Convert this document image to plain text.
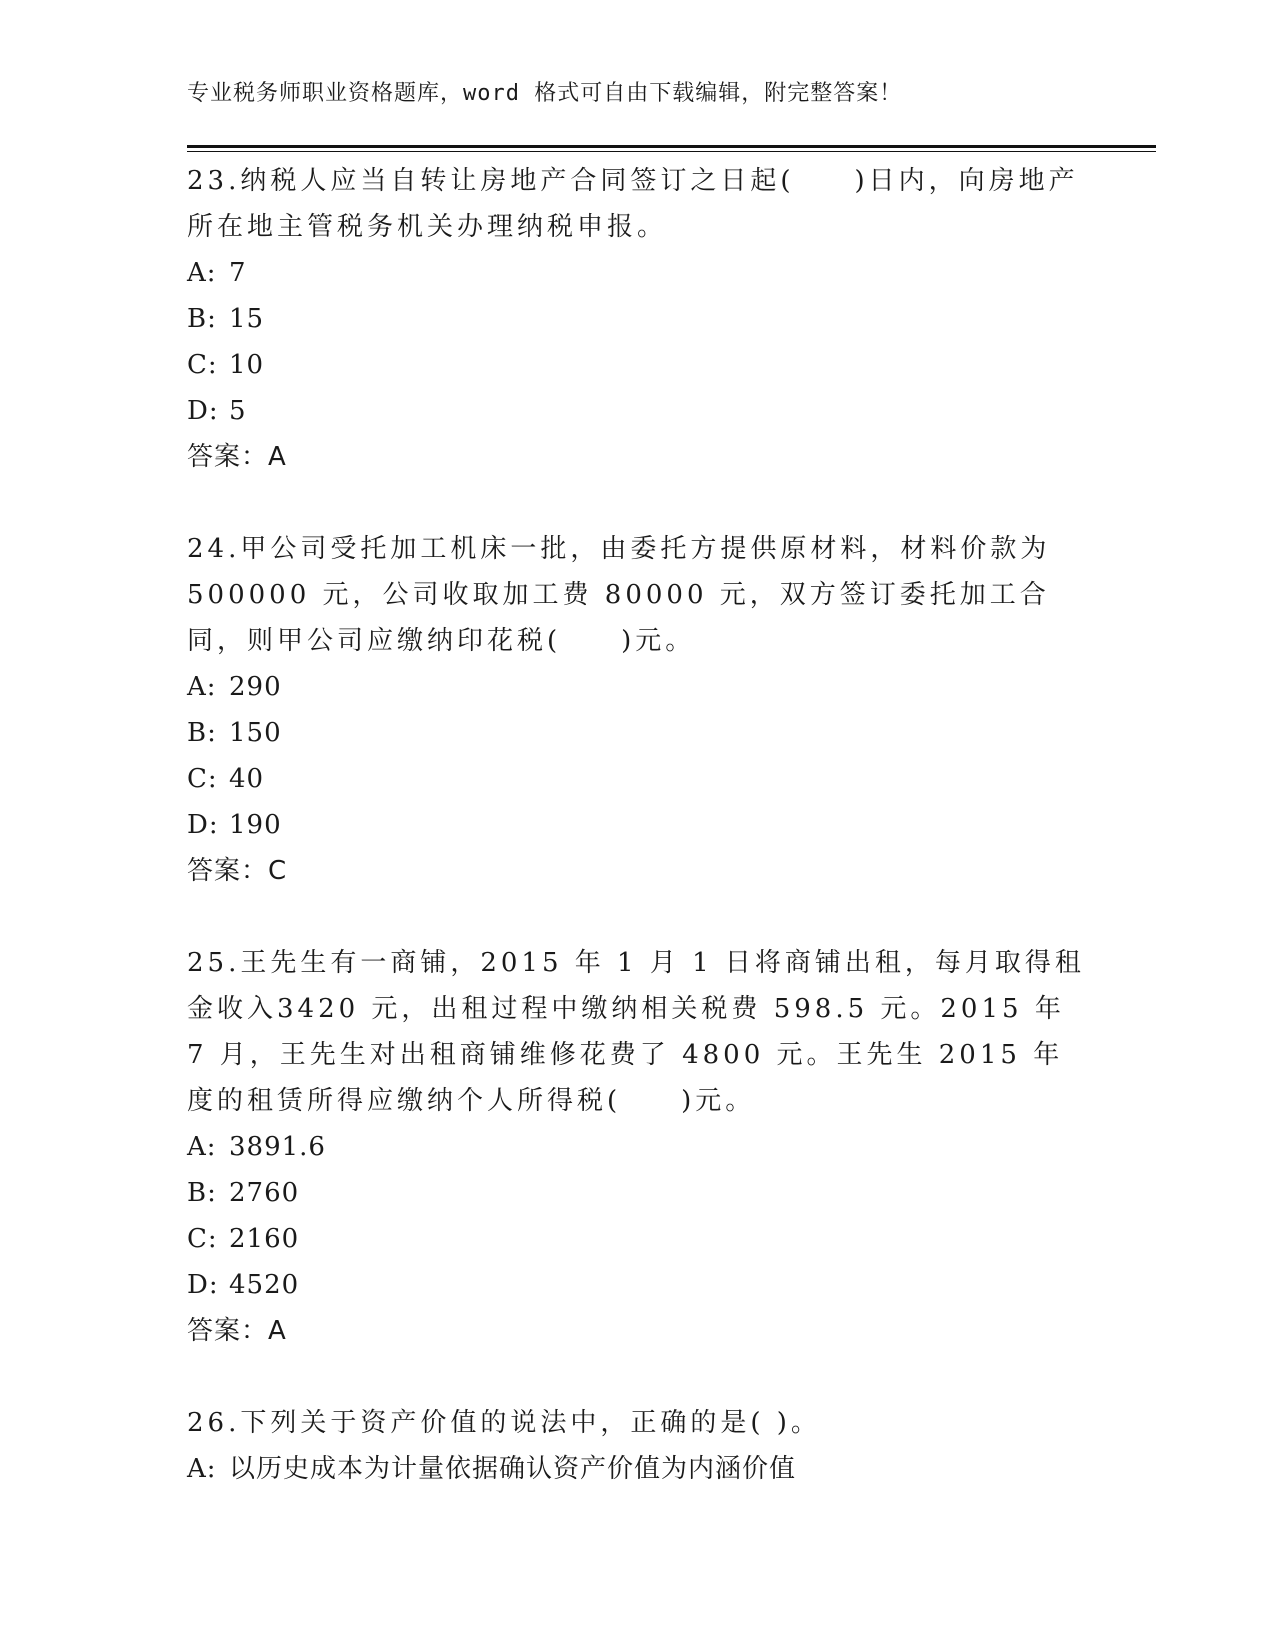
专业税务师职业资格题库，word 格式可自由下载编辑，附完整答案！

23.纳税人应当自转让房地产合同签订之日起(　　)日内，向房地产所在地主管税务机关办理纳税申报。

A: 7
B: 15
C: 10
D: 5
答案：A

24.甲公司受托加工机床一批，由委托方提供原材料，材料价款为500000 元，公司收取加工费 80000 元，双方签订委托加工合同，则甲公司应缴纳印花税(　　)元。

A: 290
B: 150
C: 40
D: 190
答案：C

25.王先生有一商铺，2015 年 1 月 1 日将商铺出租，每月取得租金收入3420 元，出租过程中缴纳相关税费 598.5 元。2015 年 7 月，王先生对出租商铺维修花费了 4800 元。王先生 2015 年度的租赁所得应缴纳个人所得税(　　)元。

A: 3891.6
B: 2760
C: 2160
D: 4520
答案：A

26.下列关于资产价值的说法中，正确的是( )。

A: 以历史成本为计量依据确认资产价值为内涵价值
